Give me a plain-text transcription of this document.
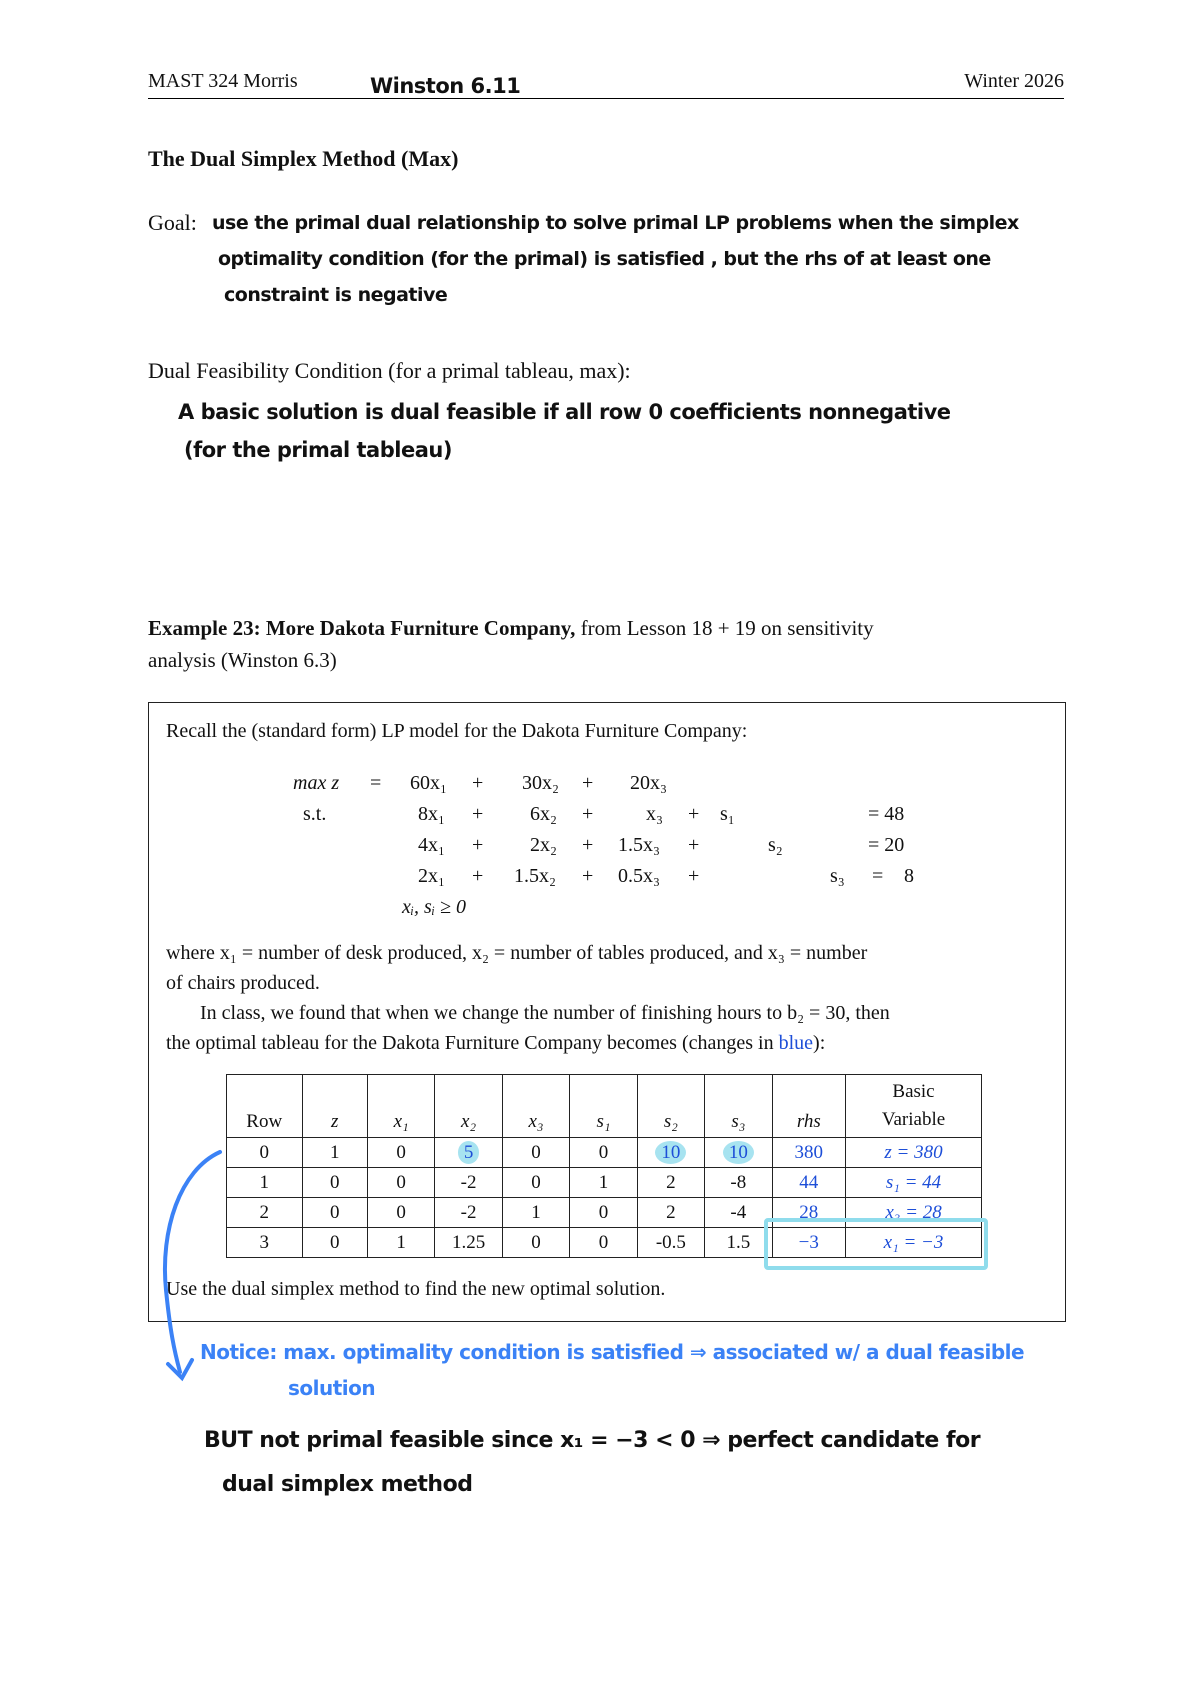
MAST 324 Morris	Winston 6.11	Winter 2026
The Dual Simplex Method (Max)
Goal: use the primal dual relationship to solve primal LP problems when the simplex
optimality condition (for the primal) is satisfied , but the rhs of at least one
constraint is negative
Dual Feasibility Condition (for a primal tableau, max):
A basic solution is dual feasible if all row 0 coefficients nonnegative
(for the primal tableau)
Example 23: More Dakota Furniture Company, from Lesson 18 + 19 on sensitivity
analysis (Winston 6.3)
Recall the (standard form) LP model for the Dakota Furniture Company:
max z = 60x₁ + 30x₂ + 20x₃
s.t.	8x₁ + 6x₂ +	x₃ + s₁	= 48
4x₁ + 2x₂ + 1.5x₃ +	s₂	= 20
2x₁ + 1.5x₂ + 0.5x₃ +	s₃ = 8
xᵢ, sᵢ ≥ 0
where x₁ = number of desk produced, x₂ = number of tables produced, and x₃ = number
of chairs produced.
In class, we found that when we change the number of finishing hours to b₂ = 30, then
the optimal tableau for the Dakota Furniture Company becomes (changes in blue):
Row	z	x₁	x₂	x₃	s₁	s₂	s₃	rhs	Basic
Variable

0	1	0	5	0	0	10	10	380	z = 380
1	0	0	-2	0	1	2	-8	44	s₁ = 44
2	0	0	-2	1	0	2	-4	28	x₃ = 28
3	0	1	1.25	0	0	-0.5	1.5	−3	x₁ = −3
Use the dual simplex method to find the new optimal solution.
Notice: max. optimality condition is satisfied ⇒ associated w/ a dual feasible
solution
BUT not primal feasible since x₁ = −3 < 0 ⇒ perfect candidate for
dual simplex method
